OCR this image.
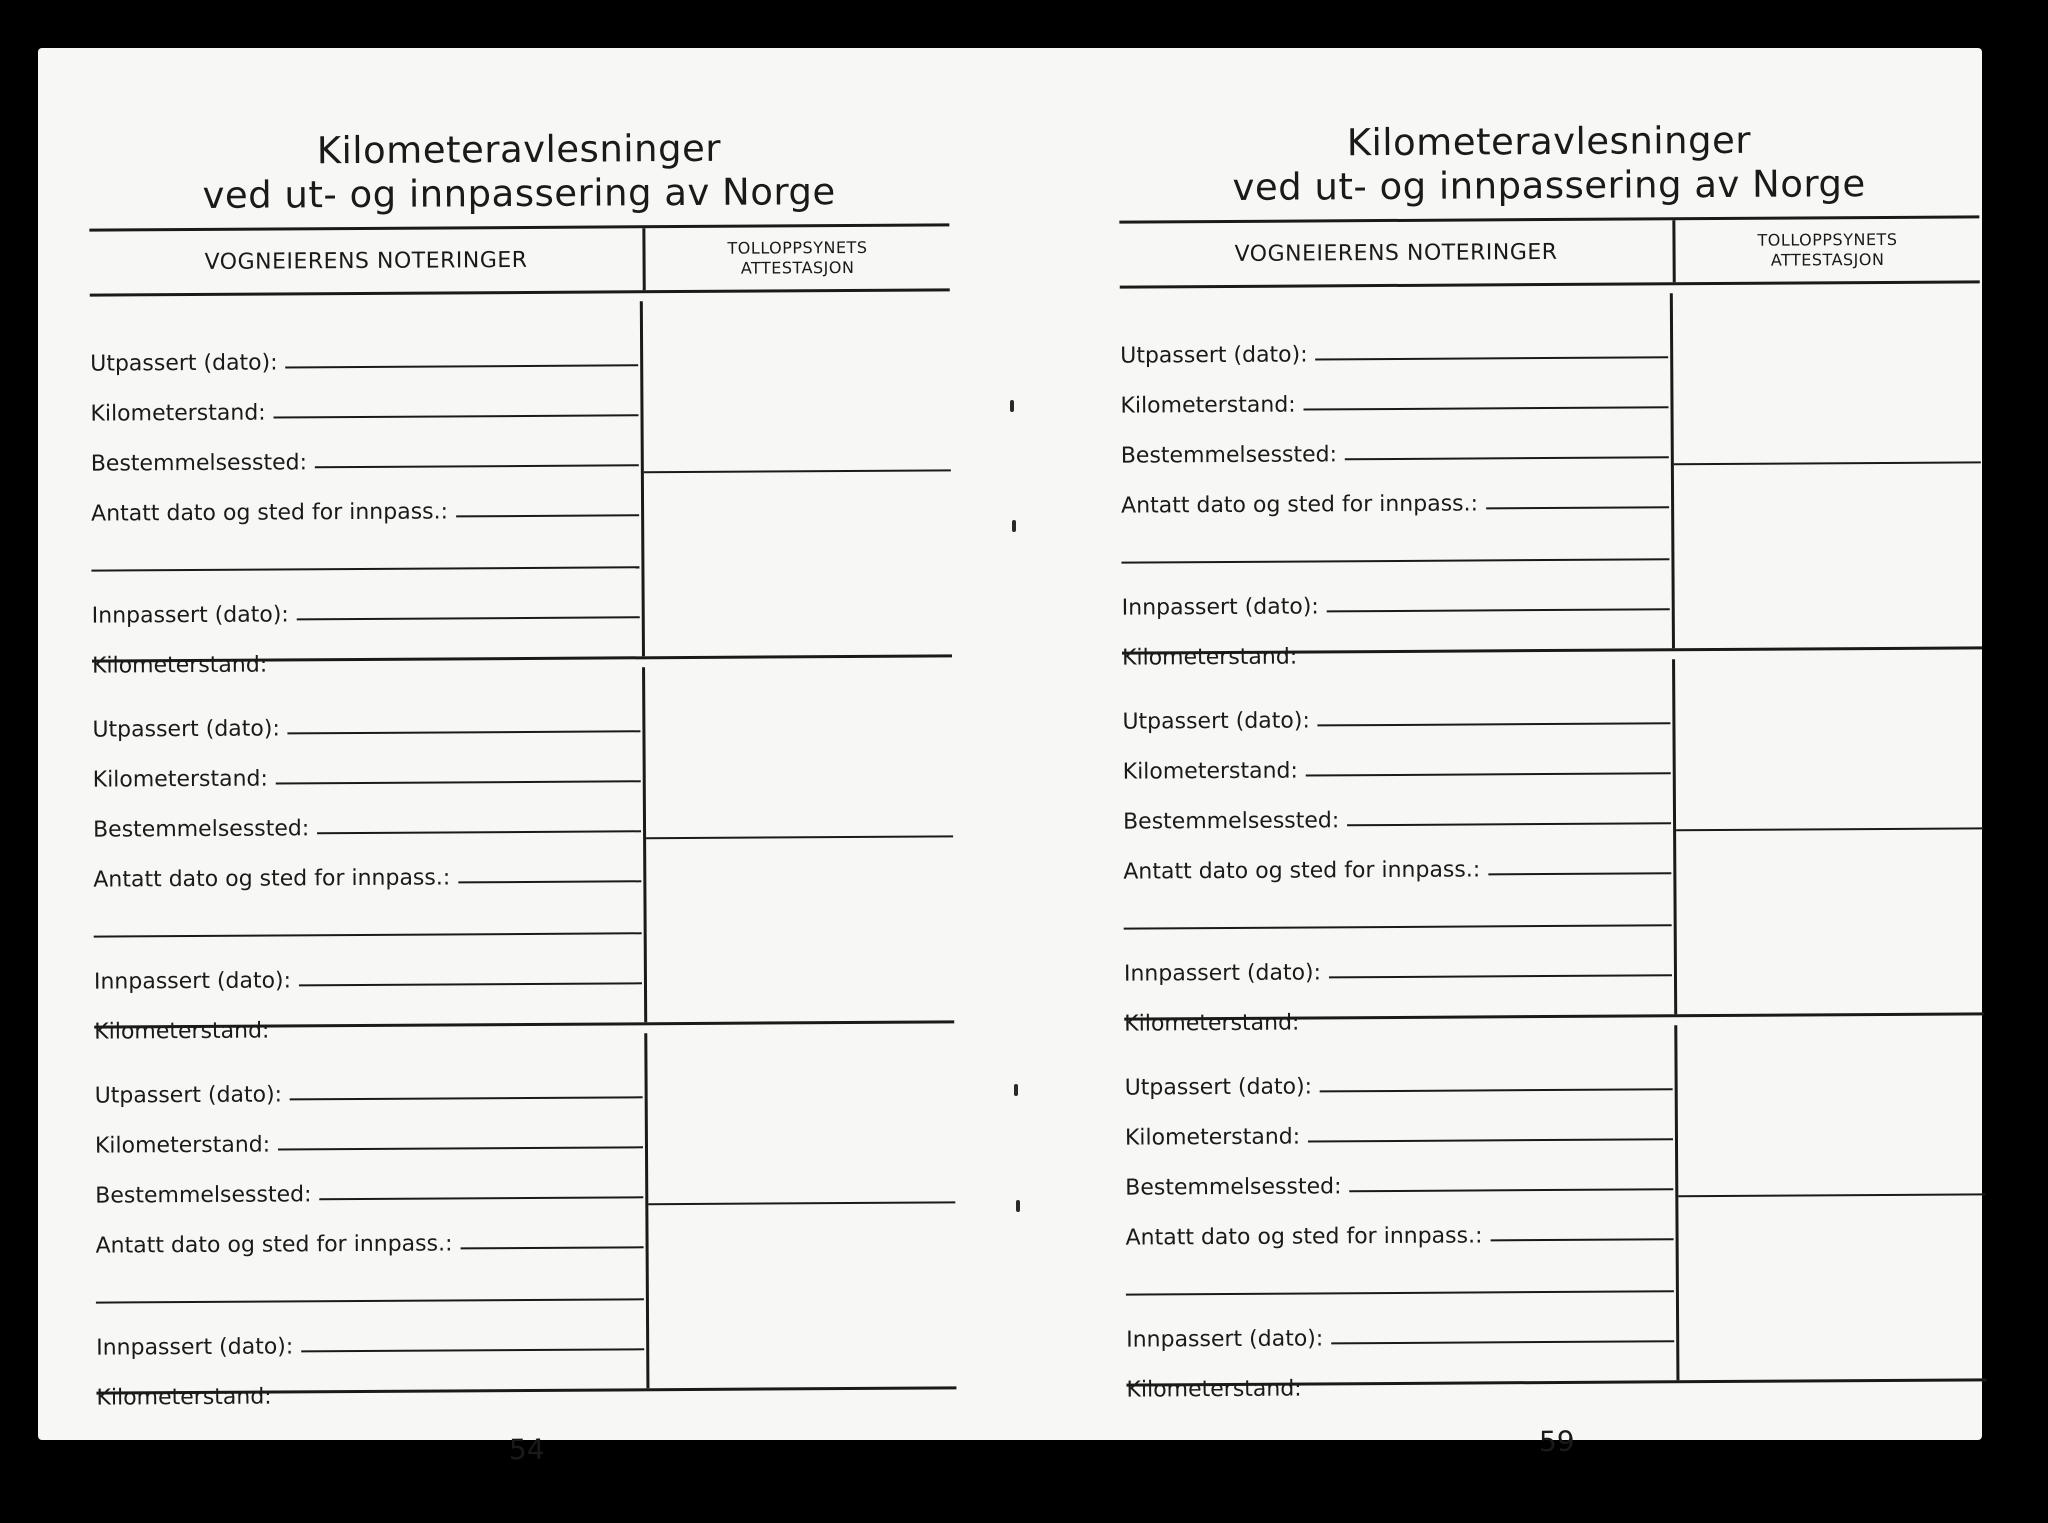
Kilometeravlesninger
ved ut- og innpassering av Norge
VOGNEIERENS NOTERINGER	TOLLOPPSYNETS
ATTESTASJON
Utpassert (dato):
Kilometerstand:
Bestemmelsessted:
Antatt dato og sted for innpass.:
Innpassert (dato):
Kilometerstand:
Utpassert (dato):
Kilometerstand:
Bestemmelsessted:
Antatt dato og sted for innpass.:
Innpassert (dato):
Kilometerstand:
Utpassert (dato):
Kilometerstand:
Bestemmelsessted:
Antatt dato og sted for innpass.:
Innpassert (dato):
Kilometerstand:
54
Kilometeravlesninger
ved ut- og innpassering av Norge
VOGNEIERENS NOTERINGER	TOLLOPPSYNETS
ATTESTASJON
Utpassert (dato):
Kilometerstand:
Bestemmelsessted:
Antatt dato og sted for innpass.:
Innpassert (dato):
Kilometerstand:
Utpassert (dato):
Kilometerstand:
Bestemmelsessted:
Antatt dato og sted for innpass.:
Innpassert (dato):
Kilometerstand:
Utpassert (dato):
Kilometerstand:
Bestemmelsessted:
Antatt dato og sted for innpass.:
Innpassert (dato):
Kilometerstand:
59
